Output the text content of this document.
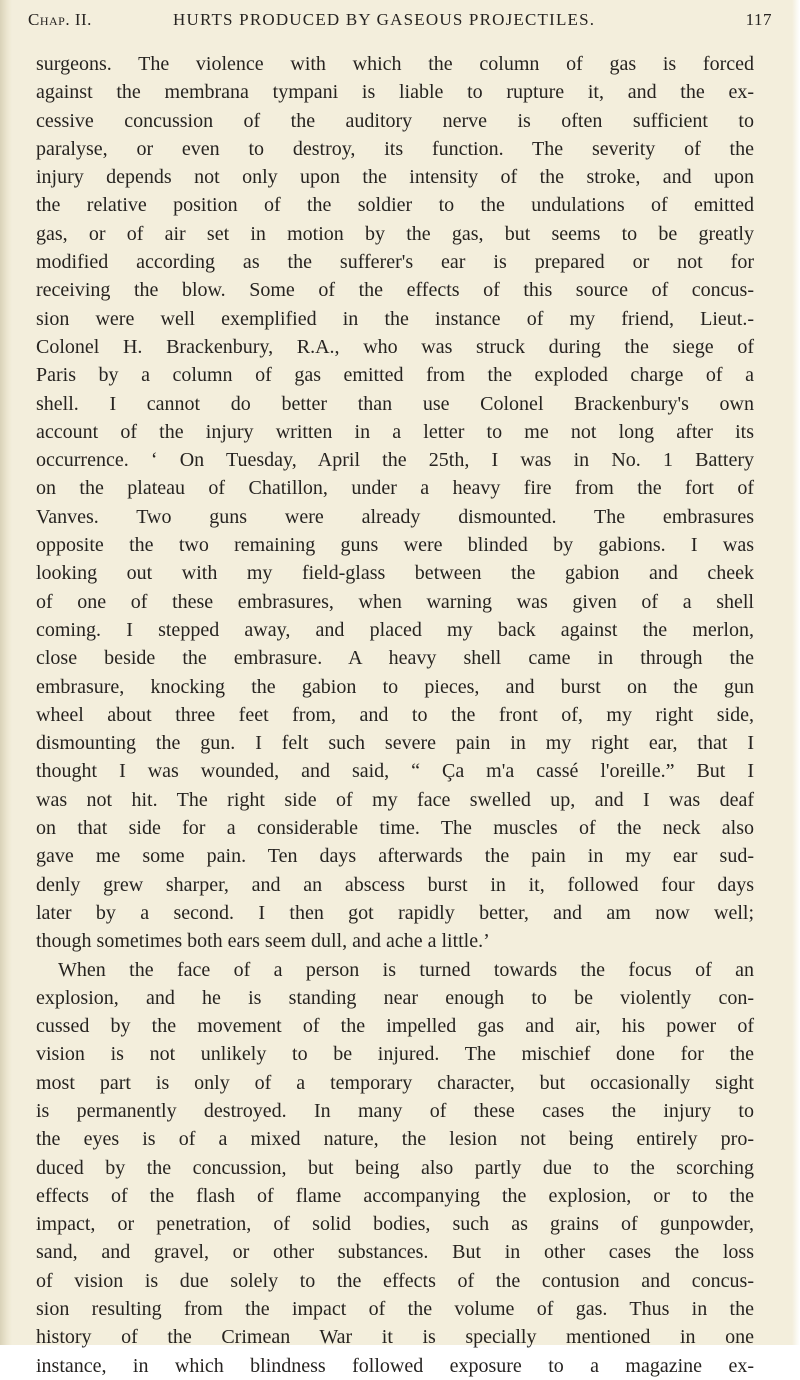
Chap. II.	HURTS PRODUCED BY GASEOUS PROJECTILES.	117
surgeons. The violence with which the column of gas is forced
against the membrana tympani is liable to rupture it, and the ex-
cessive concussion of the auditory nerve is often sufficient to
paralyse, or even to destroy, its function. The severity of the
injury depends not only upon the intensity of the stroke, and upon
the relative position of the soldier to the undulations of emitted
gas, or of air set in motion by the gas, but seems to be greatly
modified according as the sufferer's ear is prepared or not for
receiving the blow. Some of the effects of this source of concus-
sion were well exemplified in the instance of my friend, Lieut.-
Colonel H. Brackenbury, R.A., who was struck during the siege of
Paris by a column of gas emitted from the exploded charge of a
shell. I cannot do better than use Colonel Brackenbury's own
account of the injury written in a letter to me not long after its
occurrence. ‘ On Tuesday, April the 25th, I was in No. 1 Battery
on the plateau of Chatillon, under a heavy fire from the fort of
Vanves. Two guns were already dismounted. The embrasures
opposite the two remaining guns were blinded by gabions. I was
looking out with my field-glass between the gabion and cheek
of one of these embrasures, when warning was given of a shell
coming. I stepped away, and placed my back against the merlon,
close beside the embrasure. A heavy shell came in through the
embrasure, knocking the gabion to pieces, and burst on the gun
wheel about three feet from, and to the front of, my right side,
dismounting the gun. I felt such severe pain in my right ear, that I
thought I was wounded, and said, “ Ça m'a cassé l'oreille.” But I
was not hit. The right side of my face swelled up, and I was deaf
on that side for a considerable time. The muscles of the neck also
gave me some pain. Ten days afterwards the pain in my ear sud-
denly grew sharper, and an abscess burst in it, followed four days
later by a second. I then got rapidly better, and am now well;
though sometimes both ears seem dull, and ache a little.’
When the face of a person is turned towards the focus of an
explosion, and he is standing near enough to be violently con-
cussed by the movement of the impelled gas and air, his power of
vision is not unlikely to be injured. The mischief done for the
most part is only of a temporary character, but occasionally sight
is permanently destroyed. In many of these cases the injury to
the eyes is of a mixed nature, the lesion not being entirely pro-
duced by the concussion, but being also partly due to the scorching
effects of the flash of flame accompanying the explosion, or to the
impact, or penetration, of solid bodies, such as grains of gunpowder,
sand, and gravel, or other substances. But in other cases the loss
of vision is due solely to the effects of the contusion and concus-
sion resulting from the impact of the volume of gas. Thus in the
history of the Crimean War it is specially mentioned in one
instance, in which blindness followed exposure to a magazine ex-
